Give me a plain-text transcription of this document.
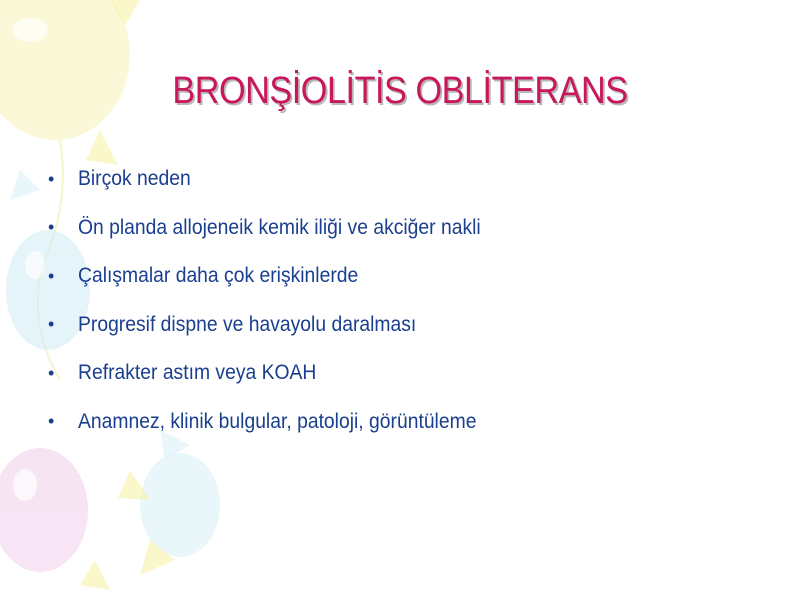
BRONŞİOLİTİS OBLİTERANS
•	Birçok neden
•	Ön planda allojeneik kemik iliği ve akciğer nakli
•	Çalışmalar daha çok erişkinlerde
•	Progresif dispne ve havayolu daralması
•	Refrakter astım veya KOAH
•	Anamnez, klinik bulgular, patoloji, görüntüleme
